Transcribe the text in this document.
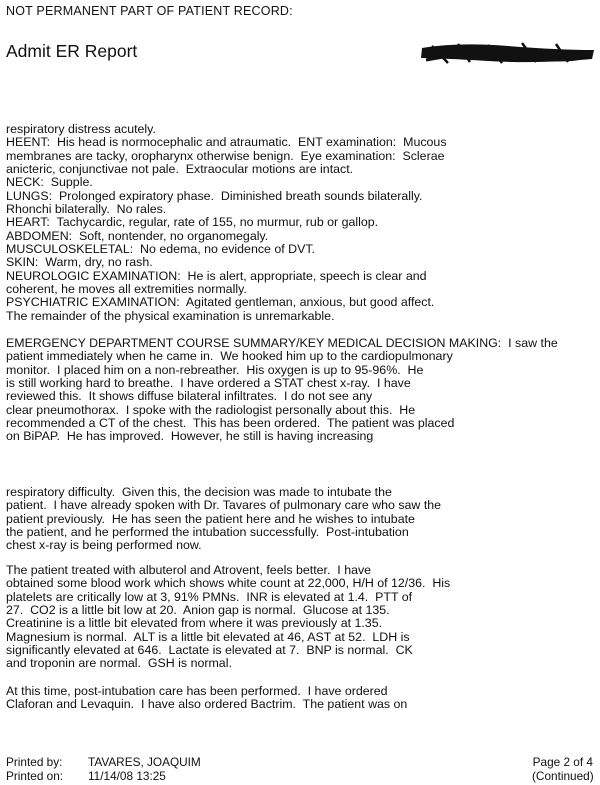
NOT PERMANENT PART OF PATIENT RECORD:
Admit ER Report
respiratory distress acutely.
HEENT:  His head is normocephalic and atraumatic.  ENT examination:  Mucous
membranes are tacky, oropharynx otherwise benign.  Eye examination:  Sclerae
anicteric, conjunctivae not pale.  Extraocular motions are intact.
NECK:  Supple.
LUNGS:  Prolonged expiratory phase.  Diminished breath sounds bilaterally.
Rhonchi bilaterally.  No rales.
HEART:  Tachycardic, regular, rate of 155, no murmur, rub or gallop.
ABDOMEN:  Soft, nontender, no organomegaly.
MUSCULOSKELETAL:  No edema, no evidence of DVT.
SKIN:  Warm, dry, no rash.
NEUROLOGIC EXAMINATION:  He is alert, appropriate, speech is clear and
coherent, he moves all extremities normally.
PSYCHIATRIC EXAMINATION:  Agitated gentleman, anxious, but good affect.
The remainder of the physical examination is unremarkable.
EMERGENCY DEPARTMENT COURSE SUMMARY/KEY MEDICAL DECISION MAKING:  I saw the
patient immediately when he came in.  We hooked him up to the cardiopulmonary
monitor.  I placed him on a non-rebreather.  His oxygen is up to 95-96%.  He
is still working hard to breathe.  I have ordered a STAT chest x-ray.  I have
reviewed this.  It shows diffuse bilateral infiltrates.  I do not see any
clear pneumothorax.  I spoke with the radiologist personally about this.  He
recommended a CT of the chest.  This has been ordered.  The patient was placed
on BiPAP.  He has improved.  However, he still is having increasing
respiratory difficulty.  Given this, the decision was made to intubate the
patient.  I have already spoken with Dr. Tavares of pulmonary care who saw the
patient previously.  He has seen the patient here and he wishes to intubate
the patient, and he performed the intubation successfully.  Post-intubation
chest x-ray is being performed now.
The patient treated with albuterol and Atrovent, feels better.  I have
obtained some blood work which shows white count at 22,000, H/H of 12/36.  His
platelets are critically low at 3, 91% PMNs.  INR is elevated at 1.4.  PTT of
27.  CO2 is a little bit low at 20.  Anion gap is normal.  Glucose at 135.
Creatinine is a little bit elevated from where it was previously at 1.35.
Magnesium is normal.  ALT is a little bit elevated at 46, AST at 52.  LDH is
significantly elevated at 646.  Lactate is elevated at 7.  BNP is normal.  CK
and troponin are normal.  GSH is normal.
At this time, post-intubation care has been performed.  I have ordered
Claforan and Levaquin.  I have also ordered Bactrim.  The patient was on
Printed by:
Printed on:
TAVARES, JOAQUIM
11/14/08 13:25
Page 2 of 4
(Continued)
